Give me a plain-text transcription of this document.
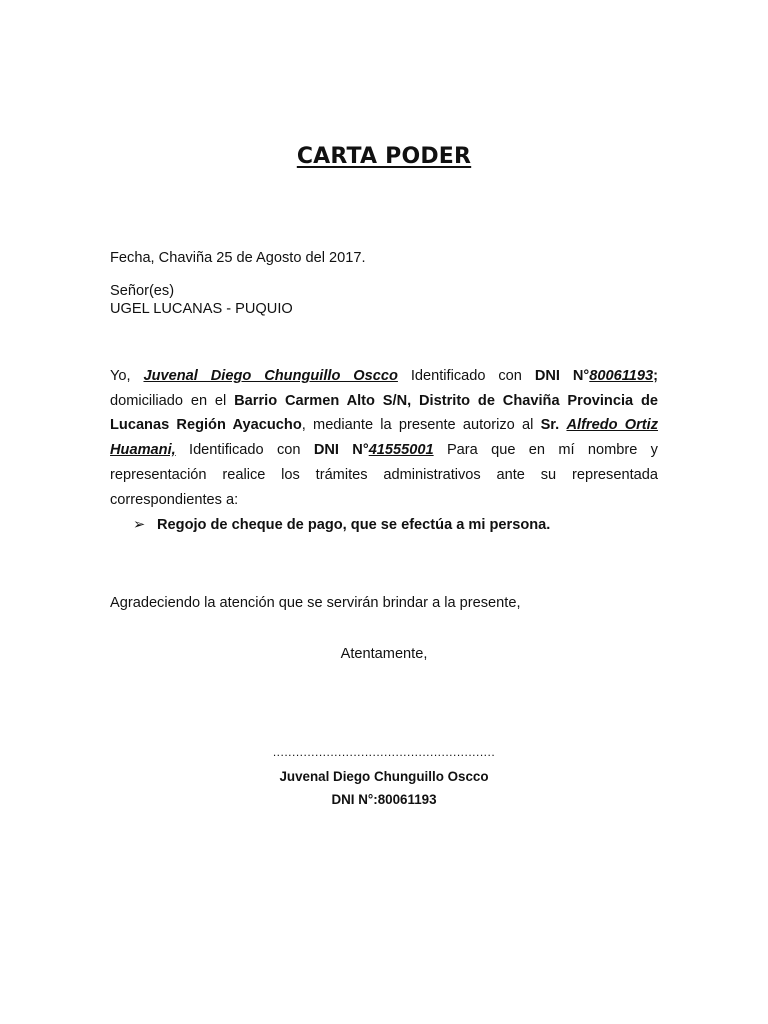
CARTA PODER
Fecha, Chaviña 25 de Agosto del 2017.
Señor(es)
UGEL LUCANAS - PUQUIO
Yo, Juvenal Diego Chunguillo Oscco Identificado con DNI N°80061193; domiciliado en el Barrio Carmen Alto S/N, Distrito de Chaviña Provincia de Lucanas Región Ayacucho, mediante la presente autorizo al Sr. Alfredo Ortiz Huamani, Identificado con DNI N°41555001 Para que en mí nombre y representación realice los trámites administrativos ante su representada correspondientes a:
➢ Regojo de cheque de pago, que se efectúa a mi persona.
Agradeciendo la atención que se servirán brindar a la presente,
Atentamente,
..........................................................
Juvenal Diego Chunguillo Oscco
DNI N°:80061193
